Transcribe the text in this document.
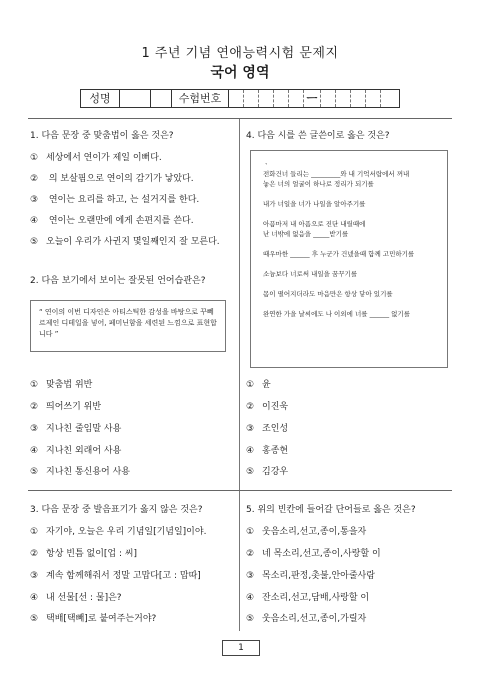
1 주년 기념 연애능력시험 문제지
국어 영역
성명	수험번호	ㅡ
1. 다음 문장 중 맞춤법이 옳은 것은?
① 세상에서 연이가 제일 이뻐다.
② 의 보살핌으로 연이의 감기가 낳았다.
③ 연이는 요리를 하고, 는 설거지를 한다.
④ 연이는 오랜만에 에게 손편지를 쓴다.
⑤ 오늘이 우리가 사귄지 몇일째인지 잘 모른다.
2. 다음 보기에서 보이는 잘못된 언어습관은?
“ 연이의 이번 디자인은 아티스틱한 감성을 바탕으로 꾸뻬르제인 디테일을 넣어, 페미닌함을 세련된 느낌으로 표현합니다 ”
① 맞춤법 위반
② 띄어쓰기 위반
③ 지나친 줄임말 사용
④ 지나친 외래어 사용
⑤ 지나친 통신용어 사용
4. 다음 시를 쓴 글쓴이로 옳은 것은?
ㆍ
전화건너 들리는 _________와 내 기억서랍에서 꺼내
놓은 너의 얼굴이 하나로 정리가 되기를
내가 너일을 너가 나일을 알아주기를
아픔마저 내 아픔으로 진단 내릴때에
난 너밖에 없음을 _____받기를
때우마한 ______ 후 누군가 건넸을때 함께 고민하기를
소늉보다 너로써 내일을 꿈꾸기를
몸이 떨어지더라도 마음만은 항상 닿아 있기를
완연한 가을 날씨에도 나 이외에 너를 ______ 없기를
① 윤
② 이진욱
③ 조인성
④ 홍종현
⑤ 김강우
3. 다음 문장 중 발음표기가 옳지 않은 것은?
① 자기야, 오늘은 우리 기념일[기념일]이야.
② 항상 빈틈 없이[업 : 씨]
③ 계속 함께해줘서 정말 고맙다[고 : 맙따]
④ 내 선물[선 : 물]은?
⑤ 택배[택빼]로 붙여주는거야?
5. 위의 빈칸에 들어갈 단어들로 옳은 것은?
① 웃음소리,선고,종이,통을자
② 네 목소리,선고,종이,사랑할 이
③ 목소리,판정,촛불,안아줄사람
④ 잔소리,선고,담배,사랑할 이
⑤ 웃음소리,선고,종이,가릴자
1
